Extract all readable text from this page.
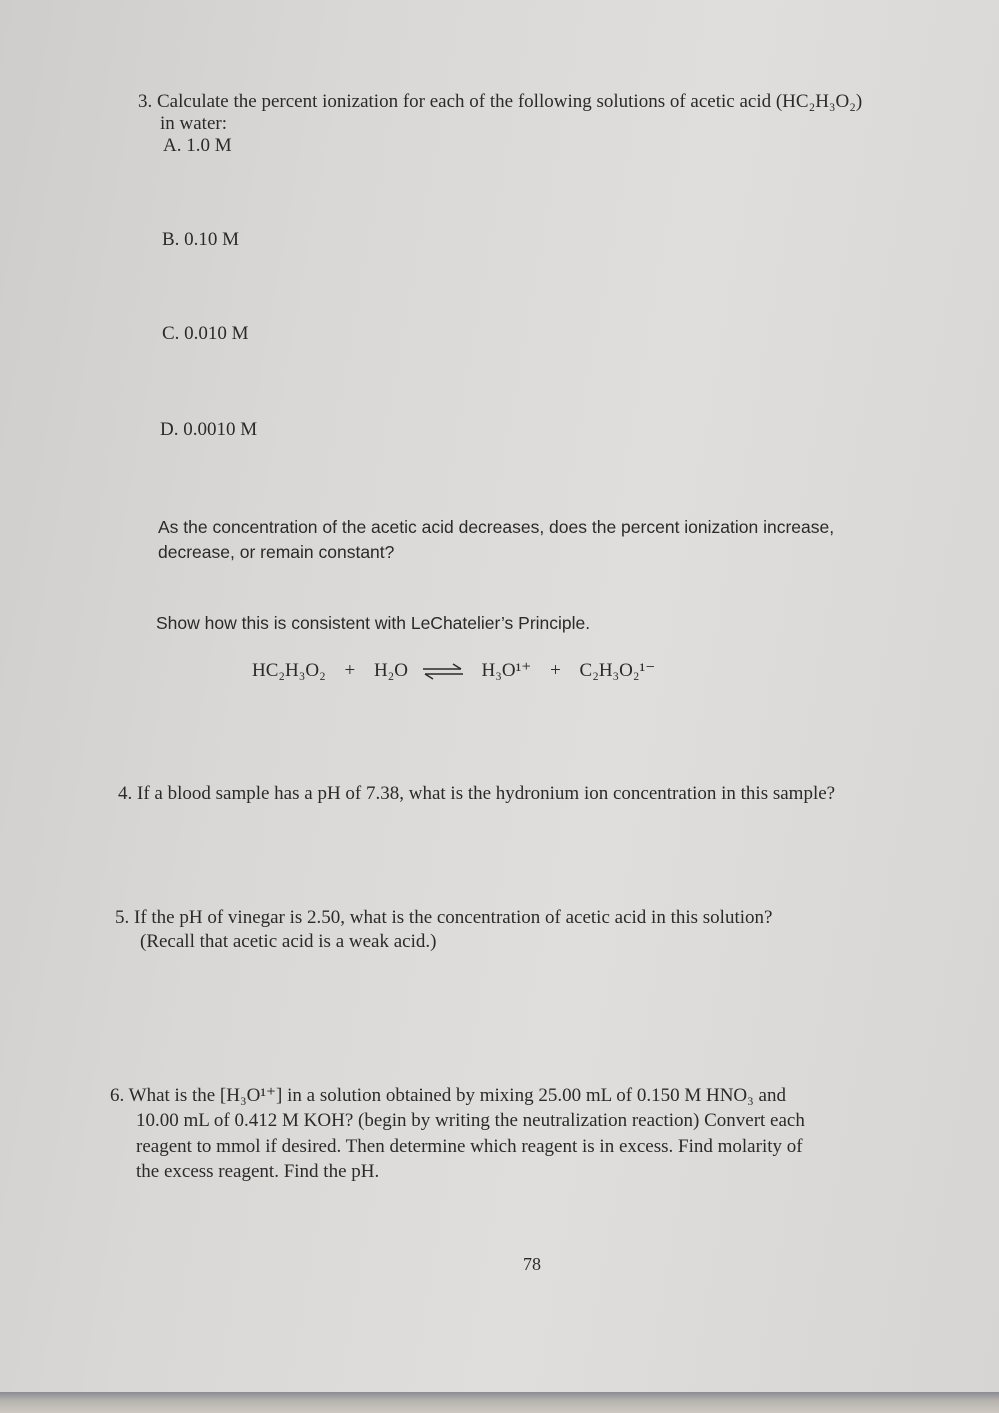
3. Calculate the percent ionization for each of the following solutions of acetic acid (HC₂H₃O₂)

in water:

A. 1.0 M

B. 0.10 M

C. 0.010 M

D. 0.0010 M

As the concentration of the acetic acid decreases, does the percent ionization increase,

decrease, or remain constant?

Show how this is consistent with LeChatelier’s Principle.

HC₂H₃O₂ + H₂O ⇌ H₃O¹⁺ + C₂H₃O₂¹⁻

4. If a blood sample has a pH of 7.38, what is the hydronium ion concentration in this sample?

5. If the pH of vinegar is 2.50, what is the concentration of acetic acid in this solution?

(Recall that acetic acid is a weak acid.)

6. What is the [H₃O¹⁺] in a solution obtained by mixing 25.00 mL of 0.150 M HNO₃ and

10.00 mL of 0.412 M KOH? (begin by writing the neutralization reaction) Convert each

reagent to mmol if desired. Then determine which reagent is in excess. Find molarity of

the excess reagent. Find the pH.

78
